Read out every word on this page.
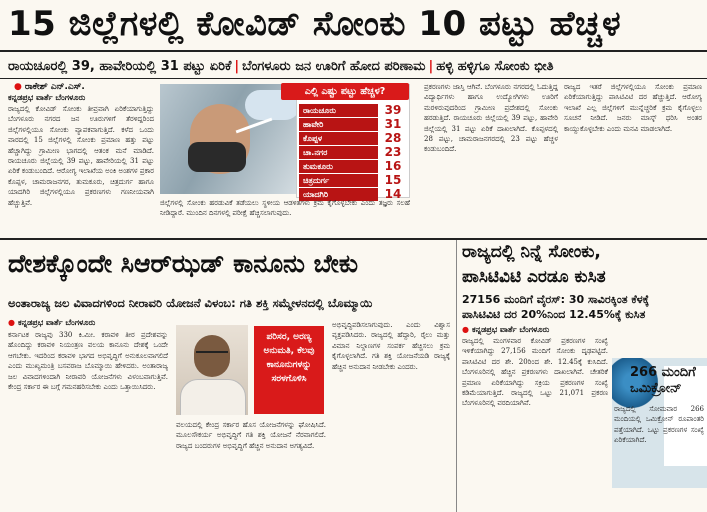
15 ಜಿಲ್ಲೆಗಳಲ್ಲಿ ಕೋವಿಡ್ ಸೋಂಕು 10 ಪಟ್ಟು ಹೆಚ್ಚಳ
ರಾಯಚೂರಲ್ಲಿ 39, ಹಾವೇರಿಯಲ್ಲಿ 31 ಪಟ್ಟು ಏರಿಕೆ | ಬೆಂಗಳೂರು ಜನ ಊರಿಗೆ ಹೋದ ಪರಿಣಾಮ | ಹಳ್ಳಿ ಹಳ್ಳಿಗೂ ಸೋಂಕು ಭೀತಿ
● ರಾಕೇಶ್ ಎನ್.ಎಸ್.
ಕನ್ನಡಪ್ರಭ ವಾರ್ತೆ ಬೆಂಗಳೂರು
ರಾಜ್ಯದಲ್ಲಿ ಕೋವಿಡ್ ಸೋಂಕು ತೀವ್ರವಾಗಿ ಏರಿಕೆಯಾಗುತ್ತಿದ್ದು ಬೆಂಗಳೂರು ನಗರದ ಜನ ಊರುಗಳಿಗೆ ತೆರಳಿದ್ದರಿಂದ ಜಿಲ್ಲೆಗಳಲ್ಲಿಯೂ ಸೋಂಕು ವ್ಯಾಪಕವಾಗುತ್ತಿದೆ. ಕಳೆದ ಒಂದು ವಾರದಲ್ಲಿ 15 ಜಿಲ್ಲೆಗಳಲ್ಲಿ ಸೋಂಕು ಪ್ರಮಾಣ ಹತ್ತು ಪಟ್ಟು ಹೆಚ್ಚಾಗಿದ್ದು ಗ್ರಾಮೀಣ ಭಾಗದಲ್ಲಿ ಆತಂಕ ಮನೆ ಮಾಡಿದೆ. ರಾಯಚೂರು ಜಿಲ್ಲೆಯಲ್ಲಿ 39 ಪಟ್ಟು, ಹಾವೇರಿಯಲ್ಲಿ 31 ಪಟ್ಟು ಏರಿಕೆ ಕಂಡುಬಂದಿದೆ. ಆರೋಗ್ಯ ಇಲಾಖೆಯ ಅಂಕಿ ಅಂಶಗಳ ಪ್ರಕಾರ ಕೊಪ್ಪಳ, ಚಾಮರಾಜನಗರ, ತುಮಕೂರು, ಚಿತ್ರದುರ್ಗ ಹಾಗೂ ಯಾದಗಿರಿ ಜಿಲ್ಲೆಗಳಲ್ಲಿಯೂ ಪ್ರಕರಣಗಳು ಗಣನೀಯವಾಗಿ ಹೆಚ್ಚುತ್ತಿವೆ.
ಎಲ್ಲಿ ಎಷ್ಟು ಪಟ್ಟು ಹೆಚ್ಚಳ?
ರಾಯಚೂರು	39
ಹಾವೇರಿ	31
ಕೊಪ್ಪಳ	28
ಚಾ.ನಗರ	23
ತುಮಕೂರು	16
ಚಿತ್ರದುರ್ಗ	15
ಯಾದಗಿರಿ	14
ಜಿಲ್ಲೆಗಳಲ್ಲಿ ಸೋಂಕು ಹರಡುವಿಕೆ ತಡೆಯಲು ಸ್ಥಳೀಯ ಆಡಳಿತಗಳು ಕ್ರಮ ಕೈಗೊಳ್ಳಬೇಕು ಎಂದು ತಜ್ಞರು ಸಲಹೆ ನೀಡಿದ್ದಾರೆ. ಮುಂದಿನ ದಿನಗಳಲ್ಲಿ ಪರೀಕ್ಷೆ ಹೆಚ್ಚಿಸಲಾಗುವುದು.
ಪ್ರಕರಣಗಳು ಜಾಸ್ತಿ ಆಗಿವೆ. ಬೆಂಗಳೂರು ನಗರದಲ್ಲಿ ಓದುತ್ತಿದ್ದ ವಿದ್ಯಾರ್ಥಿಗಳು ಹಾಗೂ ಉದ್ಯೋಗಿಗಳು ಊರಿಗೆ ಮರಳಿರುವುದರಿಂದ ಗ್ರಾಮೀಣ ಪ್ರದೇಶದಲ್ಲಿ ಸೋಂಕು ಹರಡುತ್ತಿದೆ. ರಾಯಚೂರು ಜಿಲ್ಲೆಯಲ್ಲಿ 39 ಪಟ್ಟು, ಹಾವೇರಿ ಜಿಲ್ಲೆಯಲ್ಲಿ 31 ಪಟ್ಟು ಏರಿಕೆ ದಾಖಲಾಗಿದೆ. ಕೊಪ್ಪಳದಲ್ಲಿ 28 ಪಟ್ಟು, ಚಾಮರಾಜನಗರದಲ್ಲಿ 23 ಪಟ್ಟು ಹೆಚ್ಚಳ ಕಂಡುಬಂದಿದೆ.
ರಾಜ್ಯದ ಇತರೆ ಜಿಲ್ಲೆಗಳಲ್ಲಿಯೂ ಸೋಂಕು ಪ್ರಮಾಣ ಏರಿಕೆಯಾಗುತ್ತಿದ್ದು ಪಾಸಿಟಿವಿಟಿ ದರ ಹೆಚ್ಚುತ್ತಿದೆ. ಆರೋಗ್ಯ ಇಲಾಖೆ ಎಲ್ಲ ಜಿಲ್ಲೆಗಳಿಗೆ ಮುನ್ನೆಚ್ಚರಿಕೆ ಕ್ರಮ ಕೈಗೊಳ್ಳಲು ಸೂಚನೆ ನೀಡಿದೆ. ಜನರು ಮಾಸ್ಕ್ ಧರಿಸಿ ಅಂತರ ಕಾಯ್ದುಕೊಳ್ಳಬೇಕು ಎಂದು ಮನವಿ ಮಾಡಲಾಗಿದೆ.
ದೇಶಕ್ಕೊಂದೇ ಸಿಆರ್‌ಝಡ್ ಕಾನೂನು ಬೇಕು
ಅಂತಾರಾಜ್ಯ ಜಲ ವಿವಾದಗಳಿಂದ ನೀರಾವರಿ ಯೋಜನೆ ವಿಳಂಬ: ಗತಿ ಶಕ್ತಿ ಸಮ್ಮೇಳನದಲ್ಲಿ ಬೊಮ್ಮಾಯಿ
● ಕನ್ನಡಪ್ರಭ ವಾರ್ತೆ ಬೆಂಗಳೂರು
ಕರ್ನಾಟಕ ರಾಜ್ಯವು 330 ಕಿ.ಮೀ. ಕರಾವಳಿ ತೀರ ಪ್ರದೇಶವನ್ನು ಹೊಂದಿದ್ದು ಕರಾವಳಿ ನಿಯಂತ್ರಣ ವಲಯ ಕಾನೂನು ದೇಶಕ್ಕೆ ಒಂದೇ ಆಗಬೇಕು. ಇದರಿಂದ ಕರಾವಳಿ ಭಾಗದ ಅಭಿವೃದ್ಧಿಗೆ ಅನುಕೂಲವಾಗಲಿದೆ ಎಂದು ಮುಖ್ಯಮಂತ್ರಿ ಬಸವರಾಜ ಬೊಮ್ಮಾಯಿ ಹೇಳಿದರು. ಅಂತಾರಾಜ್ಯ ಜಲ ವಿವಾದಗಳಿಂದಾಗಿ ನೀರಾವರಿ ಯೋಜನೆಗಳು ವಿಳಂಬವಾಗುತ್ತಿವೆ. ಕೇಂದ್ರ ಸರ್ಕಾರ ಈ ಬಗ್ಗೆ ಗಮನಹರಿಸಬೇಕು ಎಂದು ಒತ್ತಾಯಿಸಿದರು.
ಪರಿಸರ, ಅರಣ್ಯ ಅನುಮತಿ, ಕೆಲವು ಕಾನೂನುಗಳನ್ನು ಸರಳಗೊಳಿಸಿ
ವಲಯದಲ್ಲಿ ಕೇಂದ್ರ ಸರ್ಕಾರ ಹೊಸ ಯೋಜನೆಗಳನ್ನು ಘೋಷಿಸಿದೆ. ಮೂಲಸೌಕರ್ಯ ಅಭಿವೃದ್ಧಿಗೆ ಗತಿ ಶಕ್ತಿ ಯೋಜನೆ ನೆರವಾಗಲಿದೆ. ರಾಜ್ಯದ ಬಂದರುಗಳ ಅಭಿವೃದ್ಧಿಗೆ ಹೆಚ್ಚಿನ ಅನುದಾನ ಅಗತ್ಯವಿದೆ.
ಅಭಿವೃದ್ಧಿಪಡಿಸಲಾಗುವುದು. ಎಂದು ವಿಶ್ವಾಸ ವ್ಯಕ್ತಪಡಿಸಿದರು. ರಾಜ್ಯದಲ್ಲಿ ಹೆದ್ದಾರಿ, ರೈಲು ಮತ್ತು ವಿಮಾನ ನಿಲ್ದಾಣಗಳ ಸಂಪರ್ಕ ಹೆಚ್ಚಿಸಲು ಕ್ರಮ ಕೈಗೊಳ್ಳಲಾಗಿದೆ. ಗತಿ ಶಕ್ತಿ ಯೋಜನೆಯಡಿ ರಾಜ್ಯಕ್ಕೆ ಹೆಚ್ಚಿನ ಅನುದಾನ ನೀಡಬೇಕು ಎಂದರು.
ರಾಜ್ಯದಲ್ಲಿ ನಿನ್ನೆ ಸೋಂಕು,
ಪಾಸಿಟಿವಿಟಿ ಎರಡೂ ಕುಸಿತ
27156 ಮಂದಿಗೆ ವೈರಸ್: 30 ಸಾವಿರಕ್ಕಿಂತ ಕೆಳಕ್ಕೆ
ಪಾಸಿಟಿವಿಟಿ ದರ 20%ನಿಂದ 12.45%ಕ್ಕೆ ಕುಸಿತ
● ಕನ್ನಡಪ್ರಭ ವಾರ್ತೆ ಬೆಂಗಳೂರು
ರಾಜ್ಯದಲ್ಲಿ ಮಂಗಳವಾರ ಕೋವಿಡ್ ಪ್ರಕರಣಗಳ ಸಂಖ್ಯೆ ಇಳಿಕೆಯಾಗಿದ್ದು 27,156 ಮಂದಿಗೆ ಸೋಂಕು ದೃಢಪಟ್ಟಿದೆ. ಪಾಸಿಟಿವಿಟಿ ದರ ಶೇ. 20ರಿಂದ ಶೇ. 12.45ಕ್ಕೆ ಕುಸಿದಿದೆ. ಬೆಂಗಳೂರಿನಲ್ಲಿ ಹೆಚ್ಚಿನ ಪ್ರಕರಣಗಳು ದಾಖಲಾಗಿವೆ. ಚೇತರಿಕೆ ಪ್ರಮಾಣ ಏರಿಕೆಯಾಗಿದ್ದು ಸಕ್ರಿಯ ಪ್ರಕರಣಗಳ ಸಂಖ್ಯೆ ಕಡಿಮೆಯಾಗುತ್ತಿದೆ. ರಾಜ್ಯದಲ್ಲಿ ಒಟ್ಟು 21,071 ಪ್ರಕರಣ ಬೆಂಗಳೂರಿನಲ್ಲಿ ವರದಿಯಾಗಿವೆ.
266 ಮಂದಿಗೆ ಒಮಿಕ್ರೋನ್
ರಾಜ್ಯದಲ್ಲಿ ಸೋಮವಾರ 266 ಮಂದಿಯಲ್ಲಿ ಒಮಿಕ್ರೋನ್ ರೂಪಾಂತರಿ ಪತ್ತೆಯಾಗಿದೆ. ಒಟ್ಟು ಪ್ರಕರಣಗಳ ಸಂಖ್ಯೆ ಏರಿಕೆಯಾಗಿದೆ.
